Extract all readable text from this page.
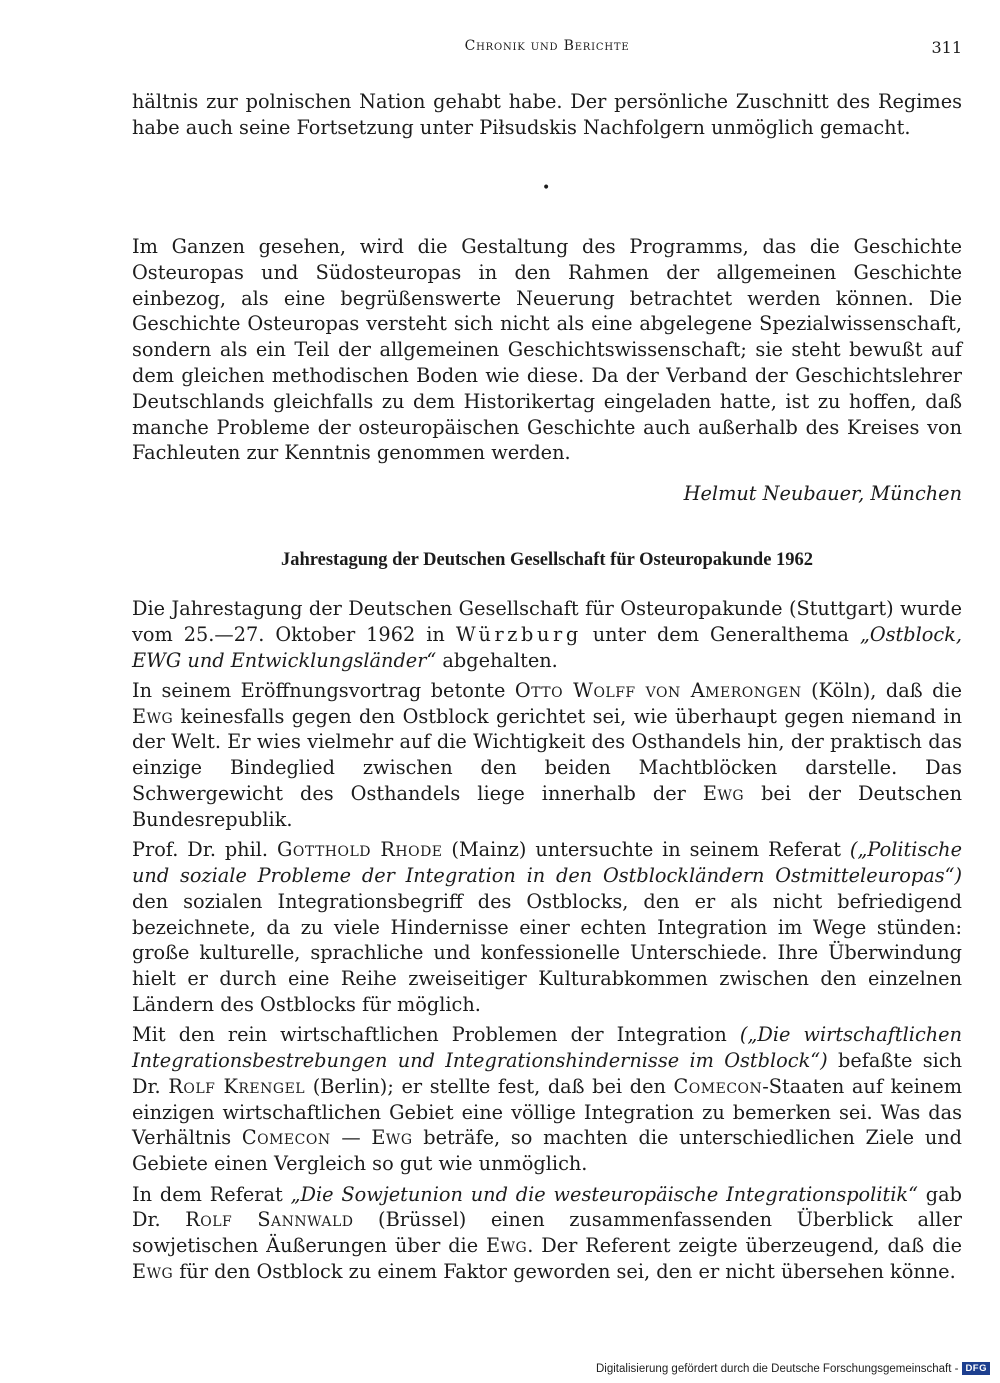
Chronik und Berichte	311

hältnis zur polnischen Nation gehabt habe. Der persönliche Zuschnitt des Regimes habe auch seine Fortsetzung unter Piłsudskis Nachfolgern unmöglich gemacht.

•

Im Ganzen gesehen, wird die Gestaltung des Programms, das die Geschichte Osteuropas und Südosteuropas in den Rahmen der allgemeinen Geschichte einbezog, als eine begrüßenswerte Neuerung betrachtet werden können. Die Geschichte Osteuropas versteht sich nicht als eine abgelegene Spezialwissenschaft, sondern als ein Teil der allgemeinen Geschichtswissenschaft; sie steht bewußt auf dem gleichen methodischen Boden wie diese. Da der Verband der Geschichtslehrer Deutschlands gleichfalls zu dem Historikertag eingeladen hatte, ist zu hoffen, daß manche Probleme der osteuropäischen Geschichte auch außerhalb des Kreises von Fachleuten zur Kenntnis genommen werden.

Helmut Neubauer, München
Jahrestagung der Deutschen Gesellschaft für Osteuropakunde 1962

Die Jahrestagung der Deutschen Gesellschaft für Osteuropakunde (Stuttgart) wurde vom 25.—27. Oktober 1962 in Würzburg unter dem Generalthema „Ostblock, EWG und Entwicklungsländer“ abgehalten.

In seinem Eröffnungsvortrag betonte Otto Wolff von Amerongen (Köln), daß die Ewg keinesfalls gegen den Ostblock gerichtet sei, wie überhaupt gegen niemand in der Welt. Er wies vielmehr auf die Wichtigkeit des Osthandels hin, der praktisch das einzige Bindeglied zwischen den beiden Machtblöcken darstelle. Das Schwergewicht des Osthandels liege innerhalb der Ewg bei der Deutschen Bundesrepublik.

Prof. Dr. phil. Gotthold Rhode (Mainz) untersuchte in seinem Referat („Politische und soziale Probleme der Integration in den Ostblockländern Ostmitteleuropas“) den sozialen Integrationsbegriff des Ostblocks, den er als nicht befriedigend bezeichnete, da zu viele Hindernisse einer echten Integration im Wege stünden: große kulturelle, sprachliche und konfessionelle Unterschiede. Ihre Überwindung hielt er durch eine Reihe zweiseitiger Kulturabkommen zwischen den einzelnen Ländern des Ostblocks für möglich.

Mit den rein wirtschaftlichen Problemen der Integration („Die wirtschaftlichen Integrationsbestrebungen und Integrationshindernisse im Ostblock“) befaßte sich Dr. Rolf Krengel (Berlin); er stellte fest, daß bei den Comecon-Staaten auf keinem einzigen wirtschaftlichen Gebiet eine völlige Integration zu bemerken sei. Was das Verhältnis Comecon — Ewg beträfe, so machten die unterschiedlichen Ziele und Gebiete einen Vergleich so gut wie unmöglich.

In dem Referat „Die Sowjetunion und die westeuropäische Integrationspolitik“ gab Dr. Rolf Sannwald (Brüssel) einen zusammenfassenden Überblick aller sowjetischen Äußerungen über die Ewg. Der Referent zeigte überzeugend, daß die Ewg für den Ostblock zu einem Faktor geworden sei, den er nicht übersehen könne.

Digitalisierung gefördert durch die Deutsche Forschungsgemeinschaft - DFG
